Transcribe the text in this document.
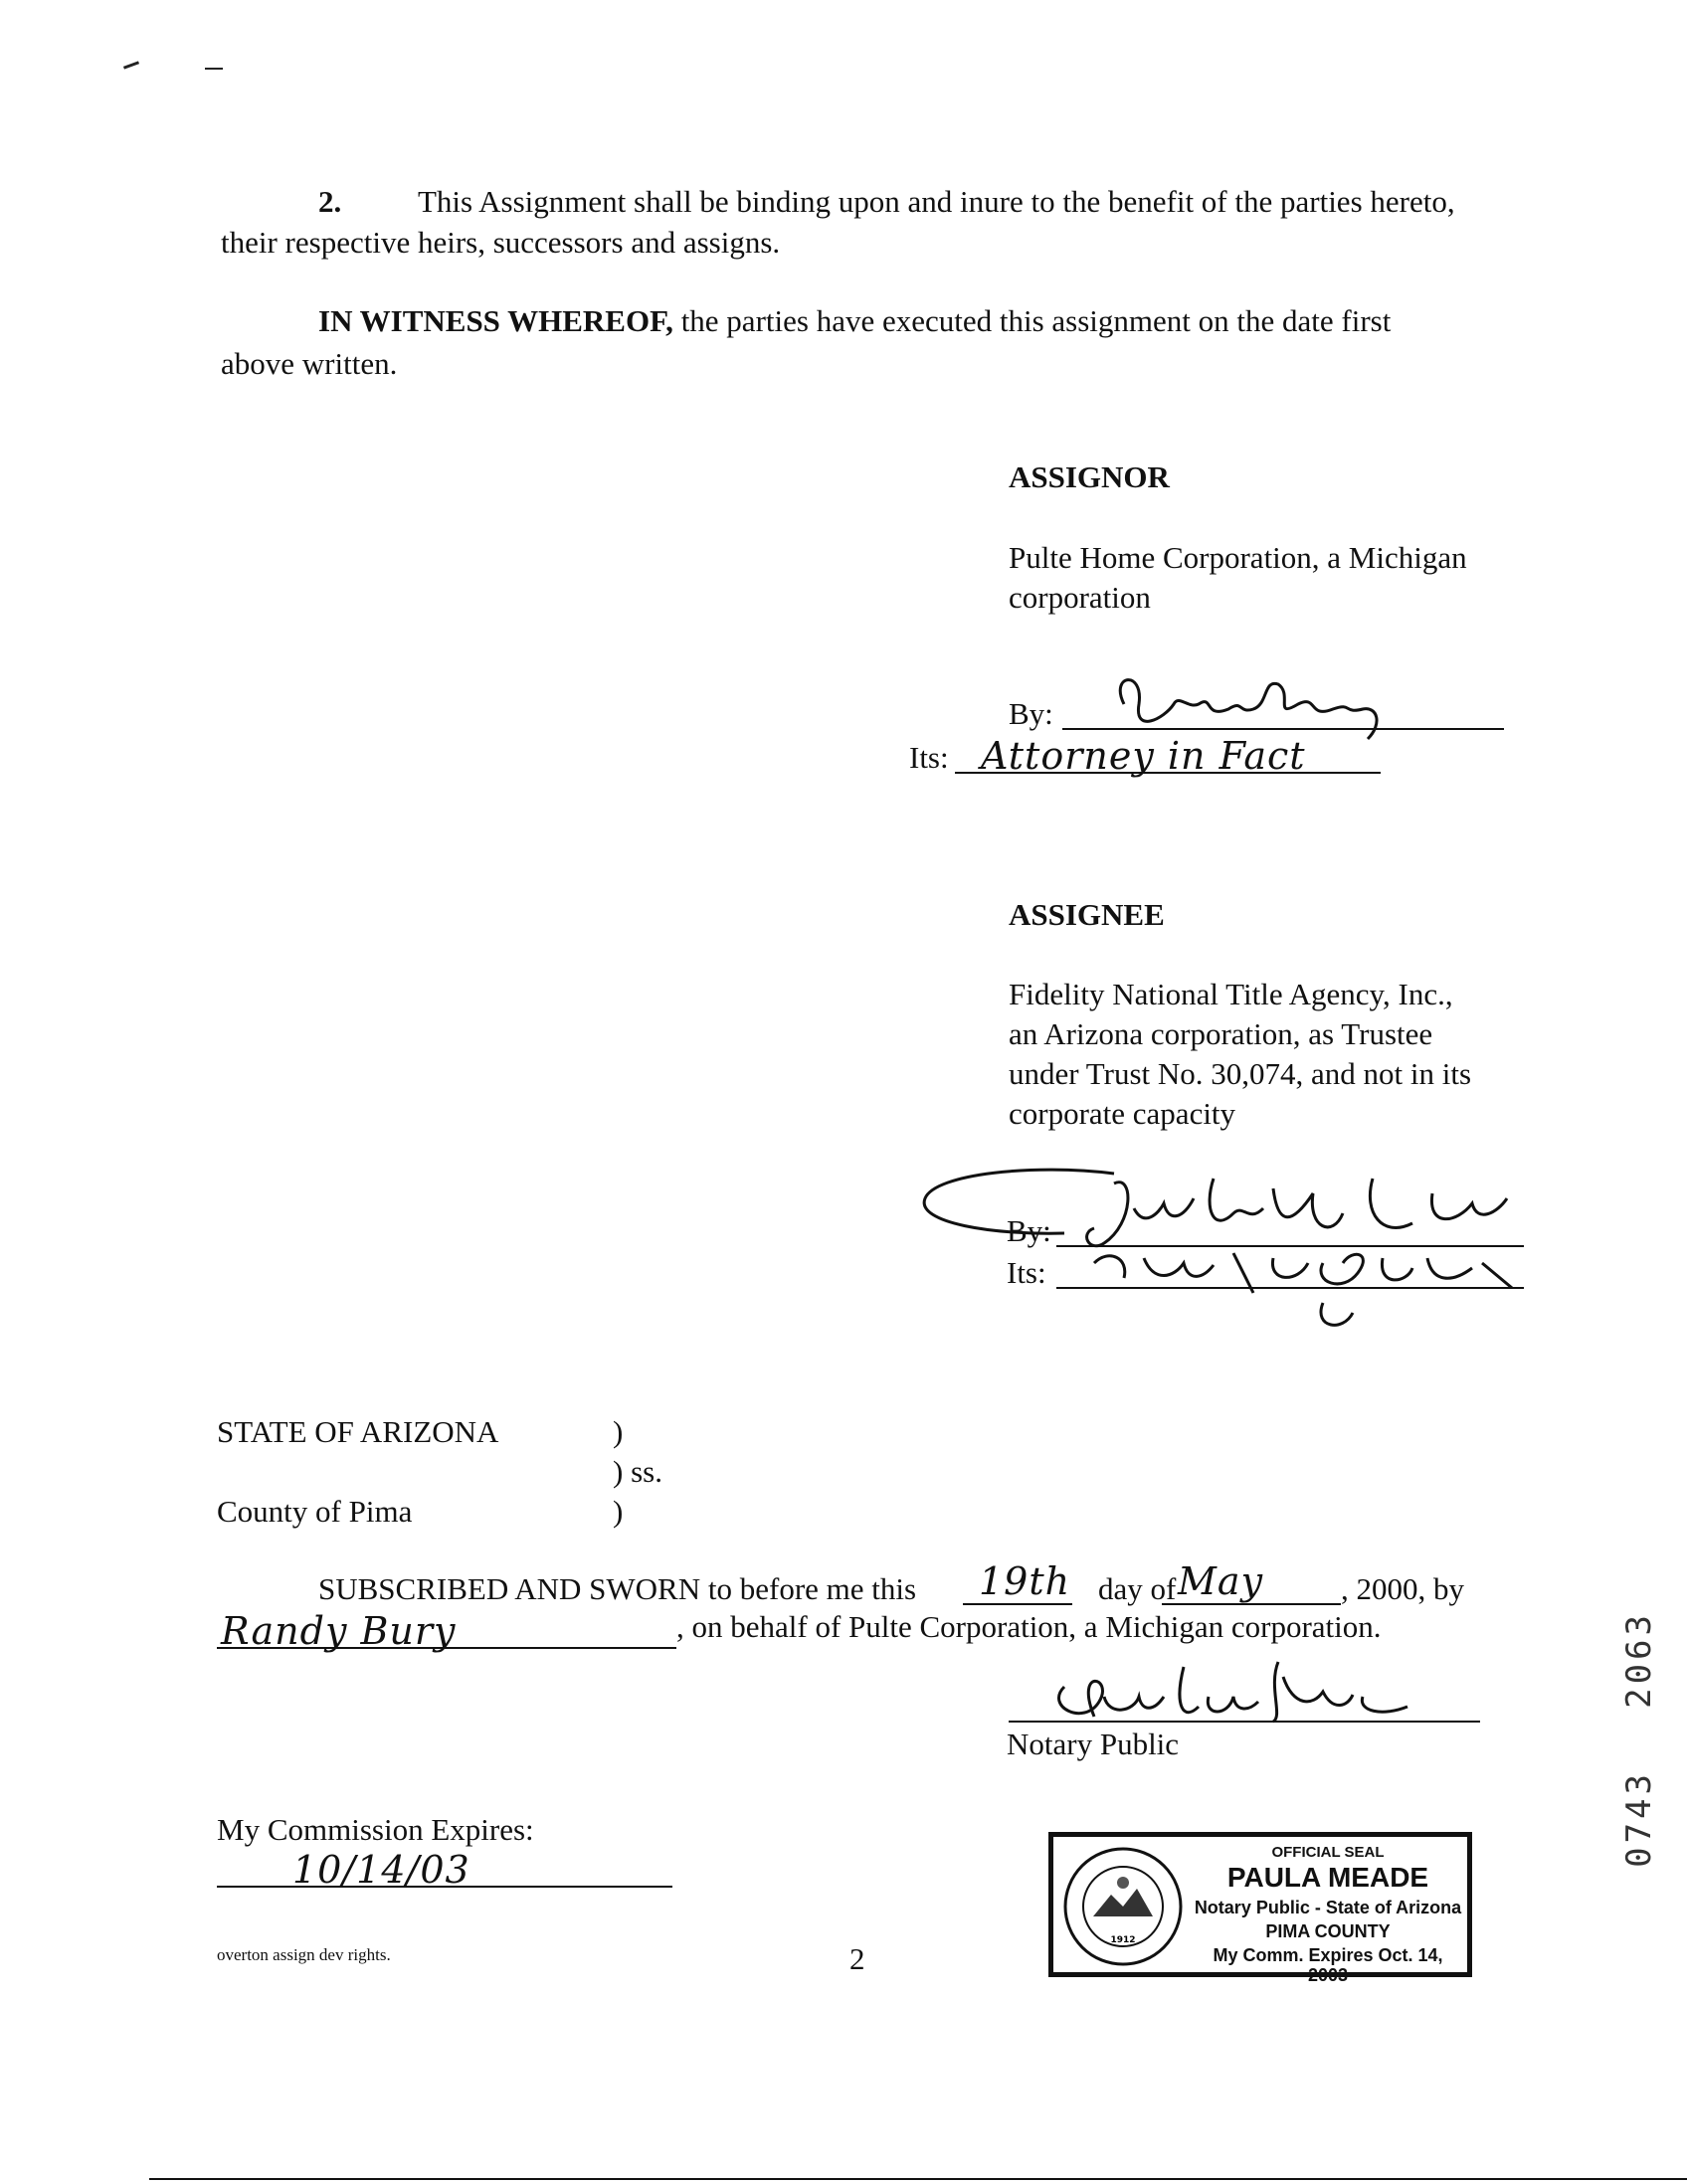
2. This Assignment shall be binding upon and inure to the benefit of the parties hereto,
their respective heirs, successors and assigns.
IN WITNESS WHEREOF, the parties have executed this assignment on the date first
above written.
ASSIGNOR
Pulte Home Corporation, a Michigan
corporation
By:
Its: Attorney in Fact
ASSIGNEE
Fidelity National Title Agency, Inc.,
an Arizona corporation, as Trustee
under Trust No. 30,074, and not in its
corporate capacity
By:
Its:
STATE OF ARIZONA	)
) ss.
County of Pima	)
SUBSCRIBED AND SWORN to before me this 19th day of May	, 2000, by
Randy Bury	, on behalf of Pulte Corporation, a Michigan corporation.
Notary Public
My Commission Expires:
10/14/03
1912
OFFICIAL SEAL
PAULA MEADE
Notary Public - State of Arizona
PIMA COUNTY
My Comm. Expires Oct. 14, 2003
overton assign dev rights.	2
0743
2063
